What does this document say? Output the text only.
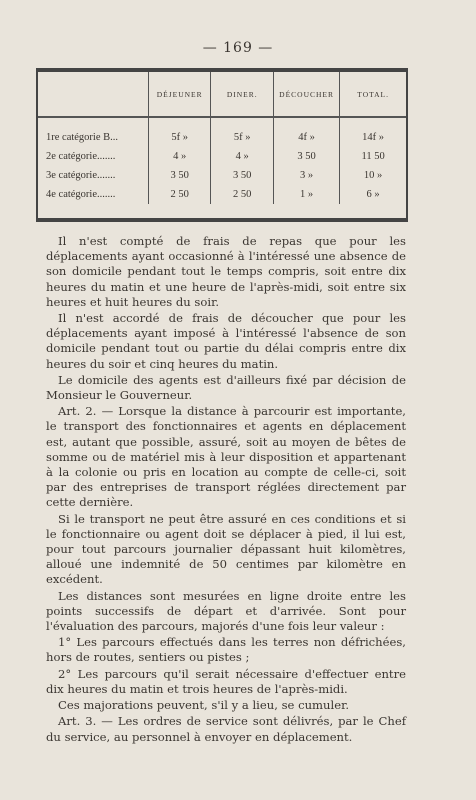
— 169 —
	DÉJEUNER	DINER.	DÉCOUCHER	TOTAL.
1re catégorie B...	5f »	5f »	4f »	14f »
2e catégorie.......	4 »	4 »	3 50	11 50
3e catégorie.......	3 50	3 50	3 »	10 »
4e catégorie.......	2 50	2 50	1 »	6 »

Il n'est compté de frais de repas que pour les déplacements ayant occasionné à l'intéressé une absence de son domicile pendant tout le temps compris, soit entre dix heures du matin et une heure de l'après-midi, soit entre six heures et huit heures du soir.

Il n'est accordé de frais de découcher que pour les déplacements ayant imposé à l'intéressé l'absence de son domicile pendant tout ou partie du délai compris entre dix heures du soir et cinq heures du matin.

Le domicile des agents est d'ailleurs fixé par décision de Monsieur le Gouverneur.

Art. 2. — Lorsque la distance à parcourir est importante, le transport des fonctionnaires et agents en déplacement est, autant que possible, assuré, soit au moyen de bêtes de somme ou de matériel mis à leur disposition et appartenant à la colonie ou pris en location au compte de celle-ci, soit par des entreprises de transport réglées directement par cette dernière.

Si le transport ne peut être assuré en ces conditions et si le fonctionnaire ou agent doit se déplacer à pied, il lui est, pour tout parcours journalier dépassant huit kilomètres, alloué une indemnité de 50 centimes par kilomètre en excédent.

Les distances sont mesurées en ligne droite entre les points successifs de départ et d'arrivée. Sont pour l'évaluation des parcours, majorés d'une fois leur valeur :

1° Les parcours effectués dans les terres non défrichées, hors de routes, sentiers ou pistes ;

2° Les parcours qu'il serait nécessaire d'effectuer entre dix heures du matin et trois heures de l'après-midi.

Ces majorations peuvent, s'il y a lieu, se cumuler.

Art. 3. — Les ordres de service sont délivrés, par le Chef du service, au personnel à envoyer en déplacement.
